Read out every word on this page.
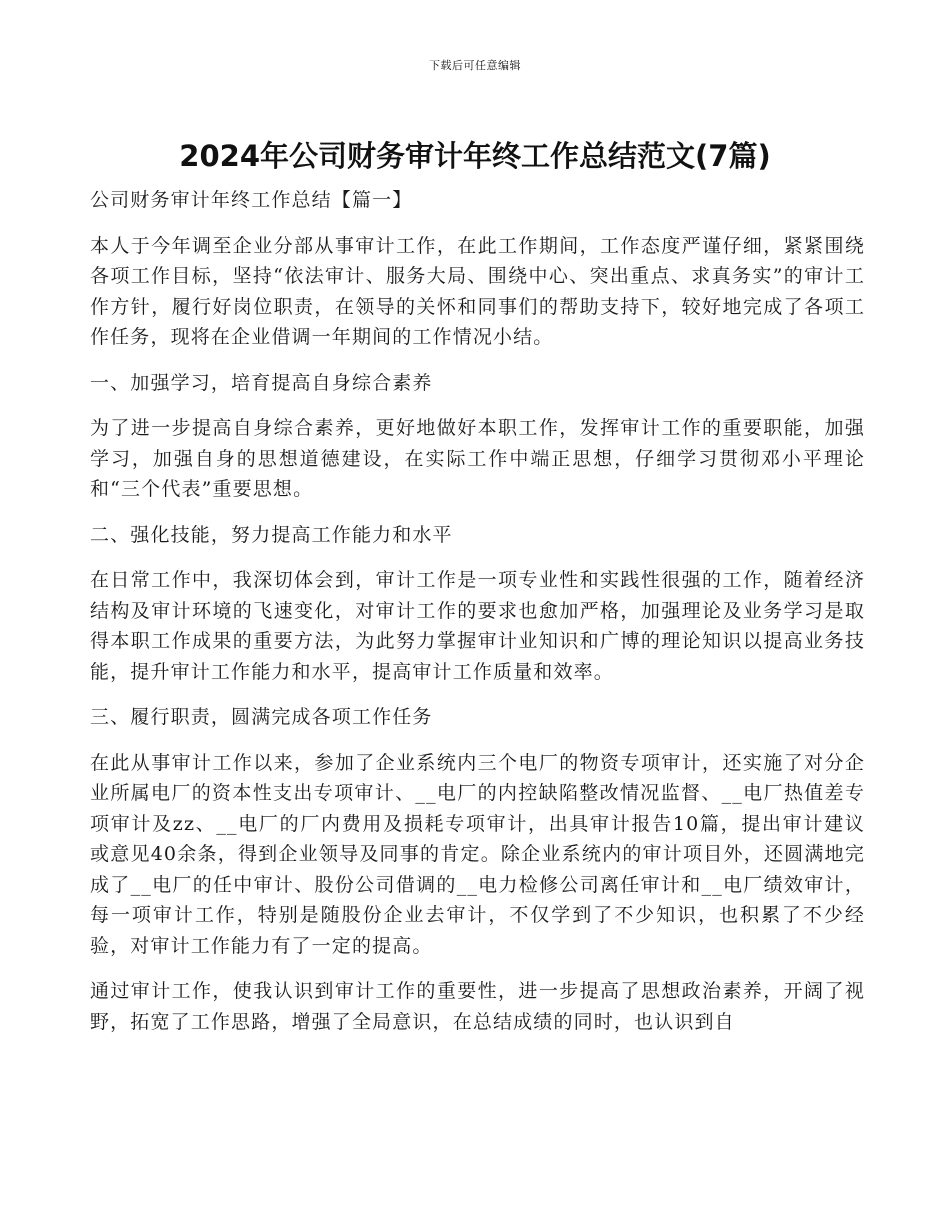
下载后可任意编辑
2024年公司财务审计年终工作总结范文(7篇)

公司财务审计年终工作总结【篇一】

本人于今年调至企业分部从事审计工作，在此工作期间，工作态度严谨仔细，紧紧围绕各项工作目标，坚持“依法审计、服务大局、围绕中心、突出重点、求真务实”的审计工作方针，履行好岗位职责，在领导的关怀和同事们的帮助支持下，较好地完成了各项工作任务，现将在企业借调一年期间的工作情况小结。

一、加强学习，培育提高自身综合素养

为了进一步提高自身综合素养，更好地做好本职工作，发挥审计工作的重要职能，加强学习，加强自身的思想道德建设，在实际工作中端正思想，仔细学习贯彻邓小平理论和“三个代表”重要思想。

二、强化技能，努力提高工作能力和水平

在日常工作中，我深切体会到，审计工作是一项专业性和实践性很强的工作，随着经济结构及审计环境的飞速变化，对审计工作的要求也愈加严格，加强理论及业务学习是取得本职工作成果的重要方法，为此努力掌握审计业知识和广博的理论知识以提高业务技能，提升审计工作能力和水平，提高审计工作质量和效率。

三、履行职责，圆满完成各项工作任务

在此从事审计工作以来，参加了企业系统内三个电厂的物资专项审计，还实施了对分企业所属电厂的资本性支出专项审计、__电厂的内控缺陷整改情况监督、__电厂热值差专项审计及zz、__电厂的厂内费用及损耗专项审计，出具审计报告10篇，提出审计建议或意见40余条，得到企业领导及同事的肯定。除企业系统内的审计项目外，还圆满地完成了__电厂的任中审计、股份公司借调的__电力检修公司离任审计和__电厂绩效审计，每一项审计工作，特别是随股份企业去审计，不仅学到了不少知识，也积累了不少经验，对审计工作能力有了一定的提高。

通过审计工作，使我认识到审计工作的重要性，进一步提高了思想政治素养，开阔了视野，拓宽了工作思路，增强了全局意识，在总结成绩的同时，也认识到自
